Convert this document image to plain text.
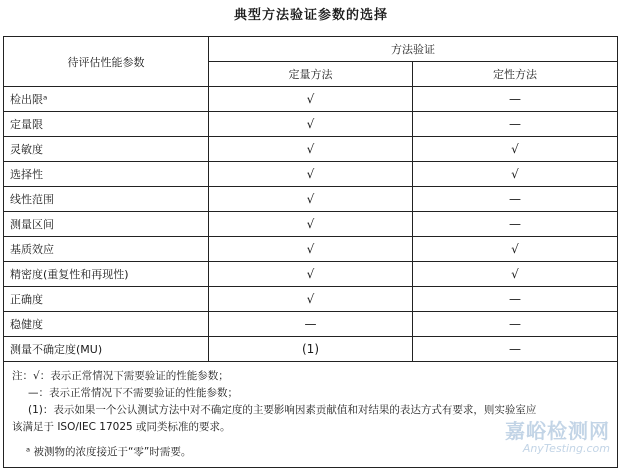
典型方法验证参数的选择
待评估性能参数	方法验证	
	定量方法	定性方法
检出限ᵃ	√	—
定量限	√	—
灵敏度	√	√
选择性	√	√
线性范围	√	—
测量区间	√	—
基质效应	√	√
精密度(重复性和再现性)	√	√
正确度	√	—
稳健度	—	—
测量不确定度(MU)	(1)	—

注：√：表示正常情况下需要验证的性能参数；
—：表示正常情况下不需要验证的性能参数；
(1)：表示如果一个公认测试方法中对不确定度的主要影响因素贡献值和对结果的表达方式有要求，则实验室应
该满足于 ISO/IEC 17025 或同类标准的要求。
ᵃ 被测物的浓度接近于“零”时需要。		
嘉峪检测网
AnyTesting.com
